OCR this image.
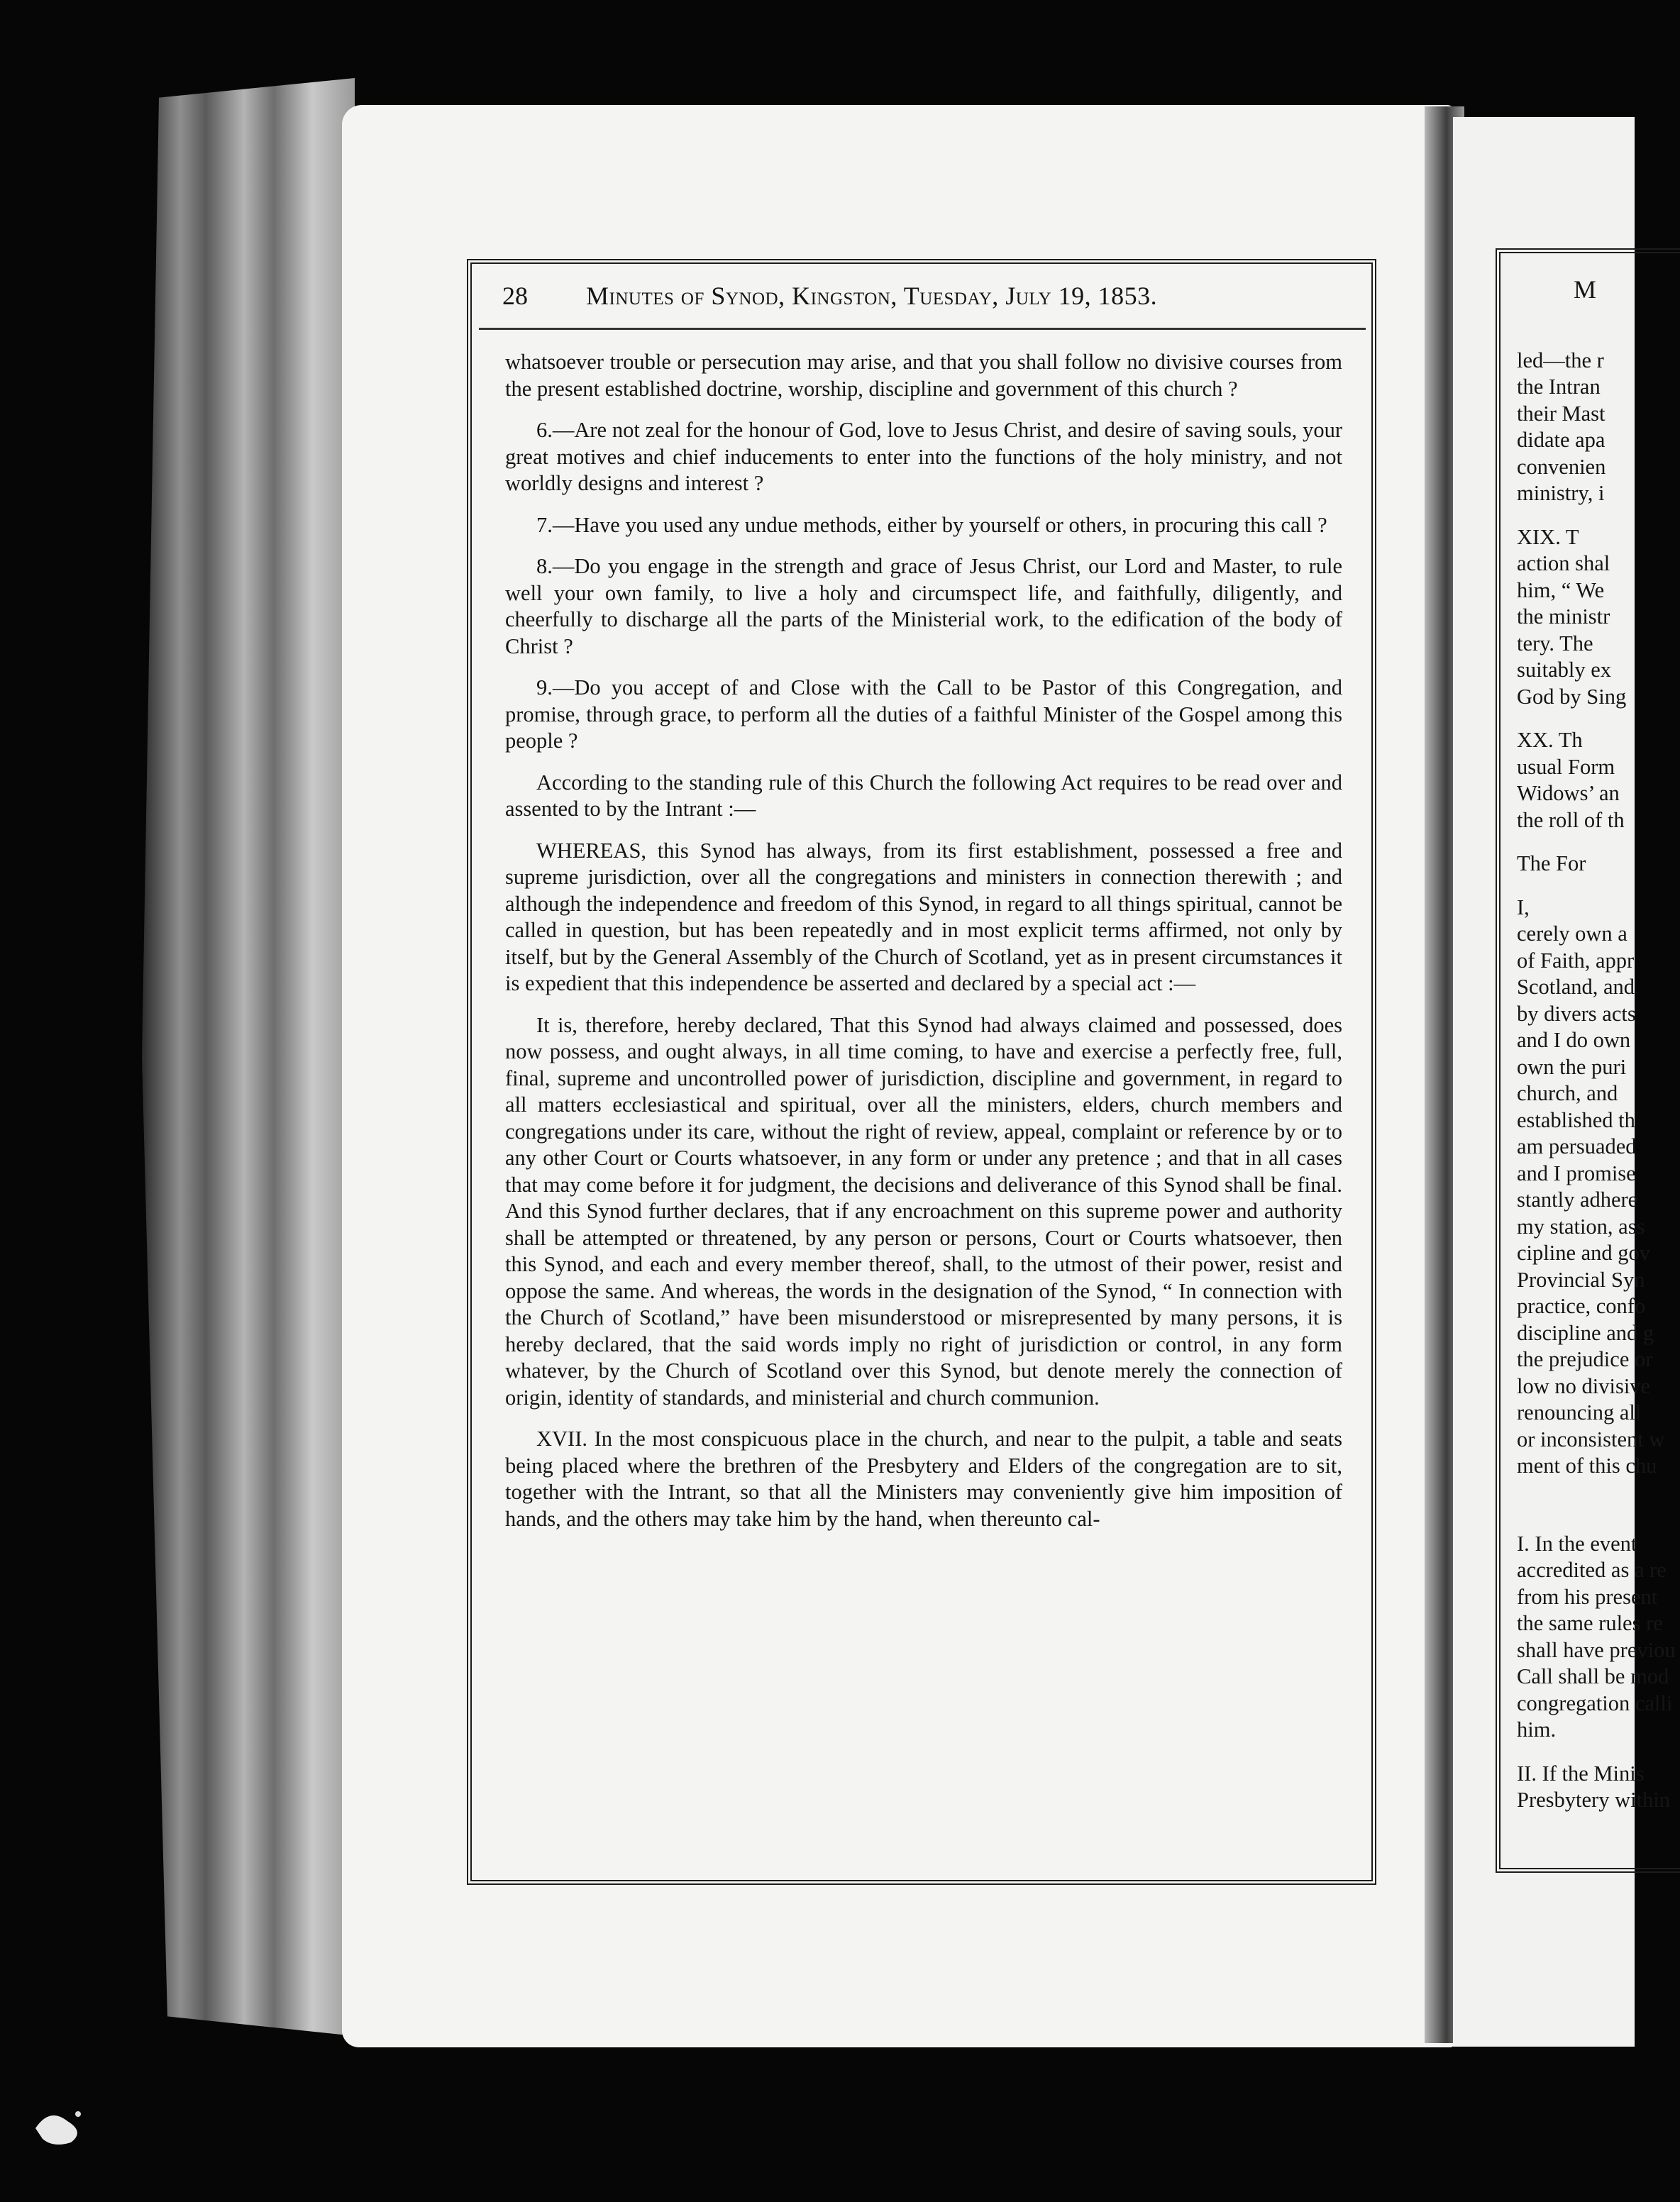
28 Minutes of Synod, Kingston, Tuesday, July 19, 1853.

whatsoever trouble or persecution may arise, and that you shall follow no divisive courses from the present established doctrine, worship, discipline and government of this church ?

6.—Are not zeal for the honour of God, love to Jesus Christ, and desire of saving souls, your great motives and chief inducements to enter into the functions of the holy ministry, and not worldly designs and interest ?

7.—Have you used any undue methods, either by yourself or others, in procuring this call ?

8.—Do you engage in the strength and grace of Jesus Christ, our Lord and Master, to rule well your own family, to live a holy and circumspect life, and faithfully, diligently, and cheerfully to discharge all the parts of the Ministerial work, to the edification of the body of Christ ?

9.—Do you accept of and Close with the Call to be Pastor of this Congregation, and promise, through grace, to perform all the duties of a faithful Minister of the Gospel among this people ?

According to the standing rule of this Church the following Act requires to be read over and assented to by the Intrant :—

WHEREAS, this Synod has always, from its first establishment, possessed a free and supreme jurisdiction, over all the congregations and ministers in connection therewith ; and although the independence and freedom of this Synod, in regard to all things spiritual, cannot be called in question, but has been repeatedly and in most explicit terms affirmed, not only by itself, but by the General Assembly of the Church of Scotland, yet as in present circumstances it is expedient that this independence be asserted and declared by a special act :—

It is, therefore, hereby declared, That this Synod had always claimed and possessed, does now possess, and ought always, in all time coming, to have and exercise a perfectly free, full, final, supreme and uncontrolled power of jurisdiction, discipline and government, in regard to all matters ecclesiastical and spiritual, over all the ministers, elders, church members and congregations under its care, without the right of review, appeal, complaint or reference by or to any other Court or Courts whatsoever, in any form or under any pretence ; and that in all cases that may come before it for judgment, the decisions and deliverance of this Synod shall be final. And this Synod further declares, that if any encroachment on this supreme power and authority shall be attempted or threatened, by any person or persons, Court or Courts whatsoever, then this Synod, and each and every member thereof, shall, to the utmost of their power, resist and oppose the same. And whereas, the words in the designation of the Synod, “ In connection with the Church of Scotland,” have been misunderstood or misrepresented by many persons, it is hereby declared, that the said words imply no right of jurisdiction or control, in any form whatever, by the Church of Scotland over this Synod, but denote merely the connection of origin, identity of standards, and ministerial and church communion.

XVII. In the most conspicuous place in the church, and near to the pulpit, a table and seats being placed where the brethren of the Presbytery and Elders of the congregation are to sit, together with the Intrant, so that all the Ministers may conveniently give him imposition of hands, and the others may take him by the hand, when thereunto cal-

M
led—the r
the Intran
their Mast
didate apa
convenien
ministry, i
XIX. T
action shal
him, “ We
the ministr
tery. The
suitably ex
God by Sing
XX. Th
usual Form
Widows’ an
the roll of th
The For
I,
cerely own a
of Faith, appr
Scotland, and
by divers acts
and I do own
own the puri
church, and
established th
am persuaded
and I promise
stantly adhere
my station, ass
cipline and gov
Provincial Syn
practice, confo
discipline and g
the prejudice or
low no divisive
renouncing all
or inconsistent w
ment of this chu
I. In the event
accredited as a re
from his present
the same rules re
shall have previou
Call shall be mod
congregation calli
him.
II. If the Minis
Presbytery within
